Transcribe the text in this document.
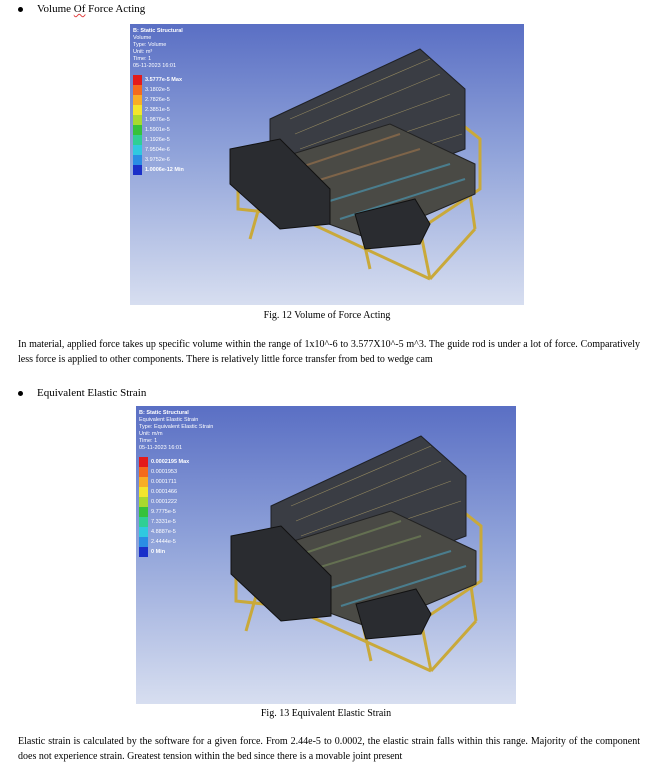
Volume Of Force Acting
B: Static Structural
Volume
Type: Volume
Unit: m³
Time: 1
05-11-2023 16:01
3.5777e-5 Max
3.1802e-5
2.7826e-5
2.3851e-5
1.9876e-5
1.5901e-5
1.1926e-5
7.9504e-6
3.9752e-6
1.0006e-12 Min
Fig. 12 Volume of Force Acting
In material, applied force takes up specific volume within the range of 1x10^-6 to 3.577X10^-5 m^3. The guide rod is under a lot of force. Comparatively less force is applied to other components. There is relatively little force transfer from bed to wedge cam
Equivalent Elastic Strain
B: Static Structural
Equivalent Elastic Strain
Type: Equivalent Elastic Strain
Unit: m/m
Time: 1
05-11-2023 16:01
0.0002195 Max
0.0001953
0.0001711
0.0001466
0.0001222
9.7775e-5
7.3331e-5
4.8887e-5
2.4444e-5
0 Min
Fig. 13 Equivalent Elastic Strain
Elastic strain is calculated by the software for a given force. From 2.44e-5 to 0.0002, the elastic strain falls within this range. Majority of the component does not experience strain. Greatest tension within the bed since there is a movable joint present
